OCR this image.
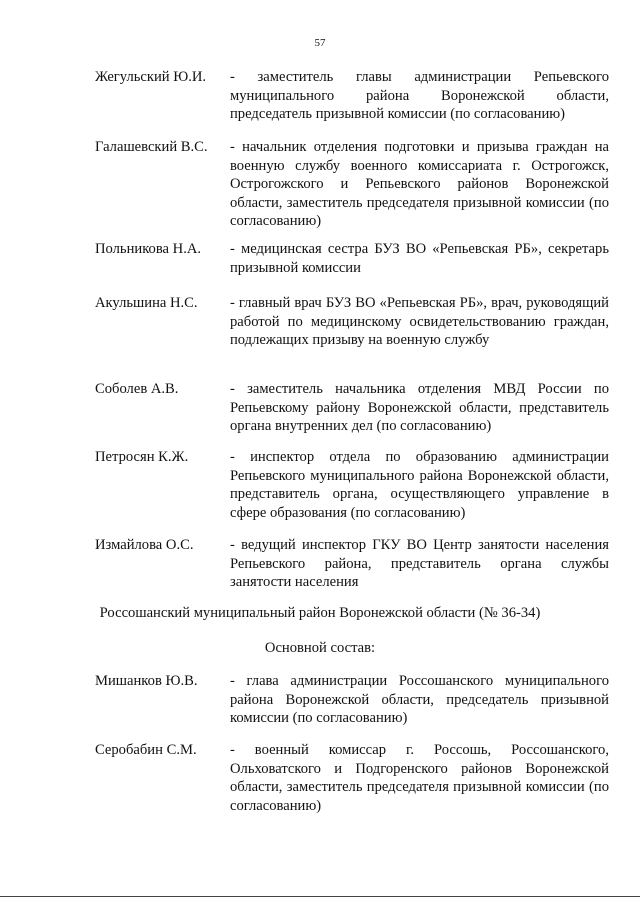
57
Жегульский Ю.И.	- заместитель главы администрации Репьевского муниципального района Воронежской области, председатель призывной комиссии (по согласованию)
Галашевский В.С.	- начальник отделения подготовки и призыва граждан на военную службу военного комиссариата г. Острогожск, Острогожского и Репьевского районов Воронежской области, заместитель председателя призывной комиссии (по согласованию)
Польникова Н.А.	- медицинская сестра БУЗ ВО «Репьевская РБ», секретарь призывной комиссии
Акульшина Н.С.	- главный врач БУЗ ВО «Репьевская РБ», врач, руководящий работой по медицинскому освидетельствованию граждан, подлежащих призыву на военную службу
Соболев А.В.	- заместитель начальника отделения МВД России по Репьевскому району Воронежской области, представитель органа внутренних дел (по согласованию)
Петросян К.Ж.	- инспектор отдела по образованию администрации Репьевского муниципального района Воронежской области, представитель органа, осуществляющего управление в сфере образования (по согласованию)
Измайлова О.С.	- ведущий инспектор ГКУ ВО Центр занятости населения Репьевского района, представитель органа службы занятости населения
Россошанский муниципальный район Воронежской области (№ 36-34)
Основной состав:
Мишанков Ю.В.	- глава администрации Россошанского муниципального района Воронежской области, председатель призывной комиссии (по согласованию)
Серобабин С.М.	- военный комиссар г. Россошь, Россошанского, Ольховатского и Подгоренского районов Воронежской области, заместитель председателя призывной комиссии (по согласованию)
